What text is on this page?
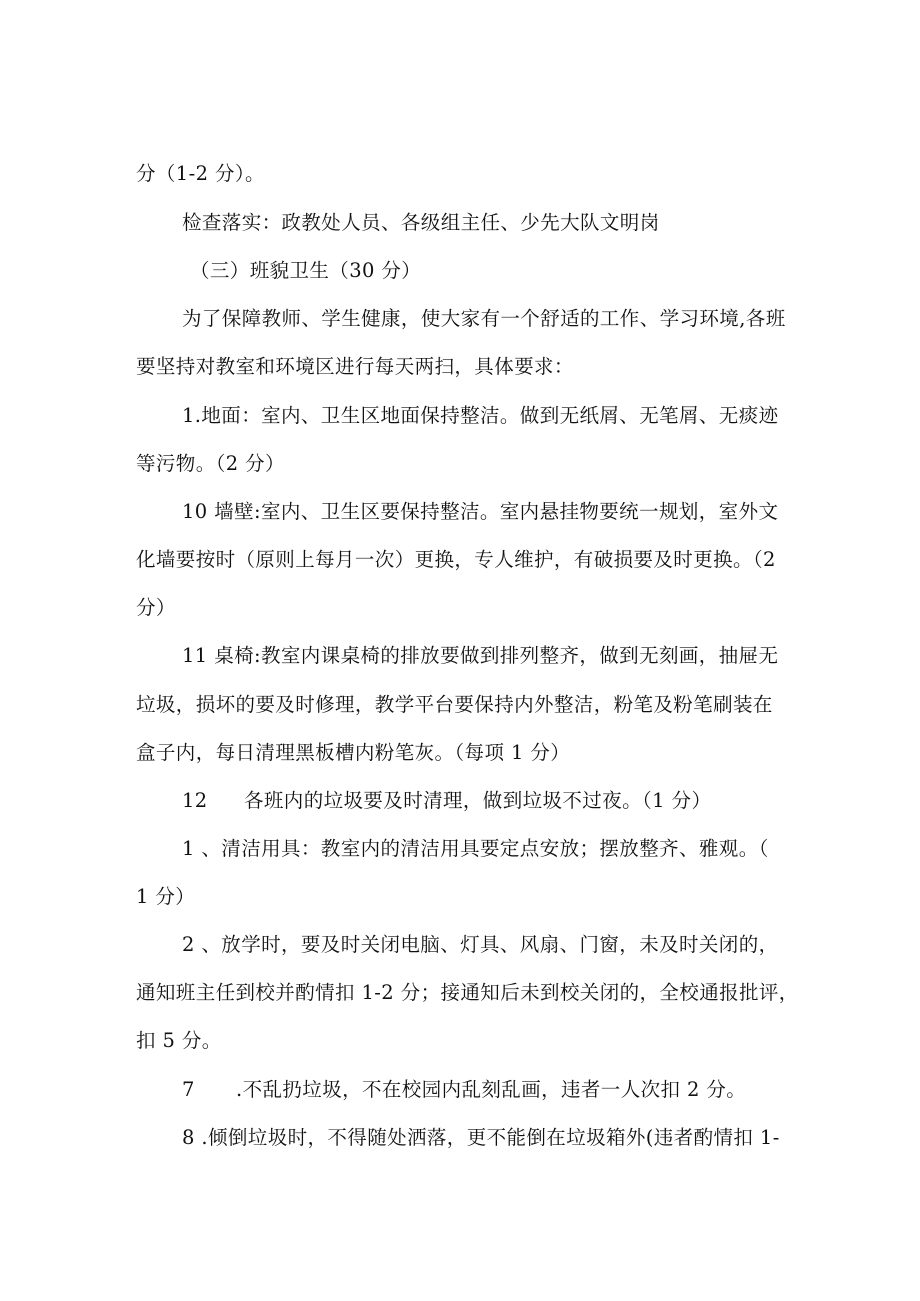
分（1-2 分）。
检查落实：政教处人员、各级组主任、少先大队文明岗
（三）班貌卫生（30 分）
为了保障教师、学生健康，使大家有一个舒适的工作、学习环境,各班
要坚持对教室和环境区进行每天两扫，具体要求：
1.地面：室内、卫生区地面保持整洁。做到无纸屑、无笔屑、无痰迹
等污物。（2 分）
10 墙壁:室内、卫生区要保持整洁。室内悬挂物要统一规划，室外文
化墙要按时（原则上每月一次）更换，专人维护，有破损要及时更换。（2
分）
11 桌椅:教室内课桌椅的排放要做到排列整齐，做到无刻画，抽屉无
垃圾，损坏的要及时修理，教学平台要保持内外整洁，粉笔及粉笔刷装在
盒子内，每日清理黑板槽内粉笔灰。（每项 1 分）
12 各班内的垃圾要及时清理，做到垃圾不过夜。（1 分）
1 、清洁用具：教室内的清洁用具要定点安放；摆放整齐、雅观。（
1 分）
2 、放学时，要及时关闭电脑、灯具、风扇、门窗，未及时关闭的，
通知班主任到校并酌情扣 1-2 分；接通知后未到校关闭的，全校通报批评，
扣 5 分。
7 .不乱扔垃圾，不在校园内乱刻乱画，违者一人次扣 2 分。
8 .倾倒垃圾时，不得随处洒落，更不能倒在垃圾箱外(违者酌情扣 1-
